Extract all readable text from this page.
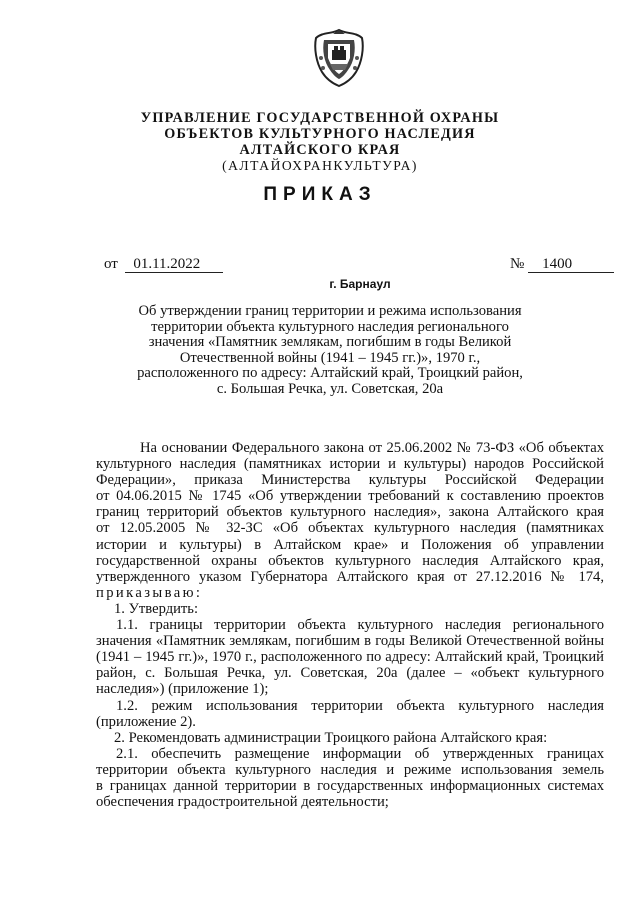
УПРАВЛЕНИЕ ГОСУДАРСТВЕННОЙ ОХРАНЫ
ОБЪЕКТОВ КУЛЬТУРНОГО НАСЛЕДИЯ
АЛТАЙСКОГО КРАЯ
(АЛТАЙОХРАНКУЛЬТУРА)
ПРИКАЗ
от 01.11.2022	№ 1400
г. Барнаул
Об утверждении границ территории и режима использования
территории объекта культурного наследия регионального
значения «Памятник землякам, погибшим в годы Великой
Отечественной войны (1941 – 1945 гг.)», 1970 г.,
расположенного по адресу: Алтайский край, Троицкий район,
с. Большая Речка, ул. Советская, 20а
На основании Федерального закона от 25.06.2002 № 73-ФЗ «Об объектах
культурного наследия (памятниках истории и культуры) народов Российской
Федерации», приказа Министерства культуры Российской Федерации
от 04.06.2015 № 1745 «Об утверждении требований к составлению проектов
границ территорий объектов культурного наследия», закона Алтайского края
от 12.05.2005 № 32-ЗС «Об объектах культурного наследия (памятниках
истории и культуры) в Алтайском крае» и Положения об управлении
государственной охраны объектов культурного наследия Алтайского края,
утвержденного указом Губернатора Алтайского края от 27.12.2016 № 174,
приказываю:
1. Утвердить:
1.1. границы территории объекта культурного наследия регионального
значения «Памятник землякам, погибшим в годы Великой Отечественной войны
(1941 – 1945 гг.)», 1970 г., расположенного по адресу: Алтайский край, Троицкий
район, с. Большая Речка, ул. Советская, 20а (далее – «объект культурного
наследия») (приложение 1);
1.2. режим использования территории объекта культурного наследия
(приложение 2).
2. Рекомендовать администрации Троицкого района Алтайского края:
2.1. обеспечить размещение информации об утвержденных границах
территории объекта культурного наследия и режиме использования земель
в границах данной территории в государственных информационных системах
обеспечения градостроительной деятельности;
